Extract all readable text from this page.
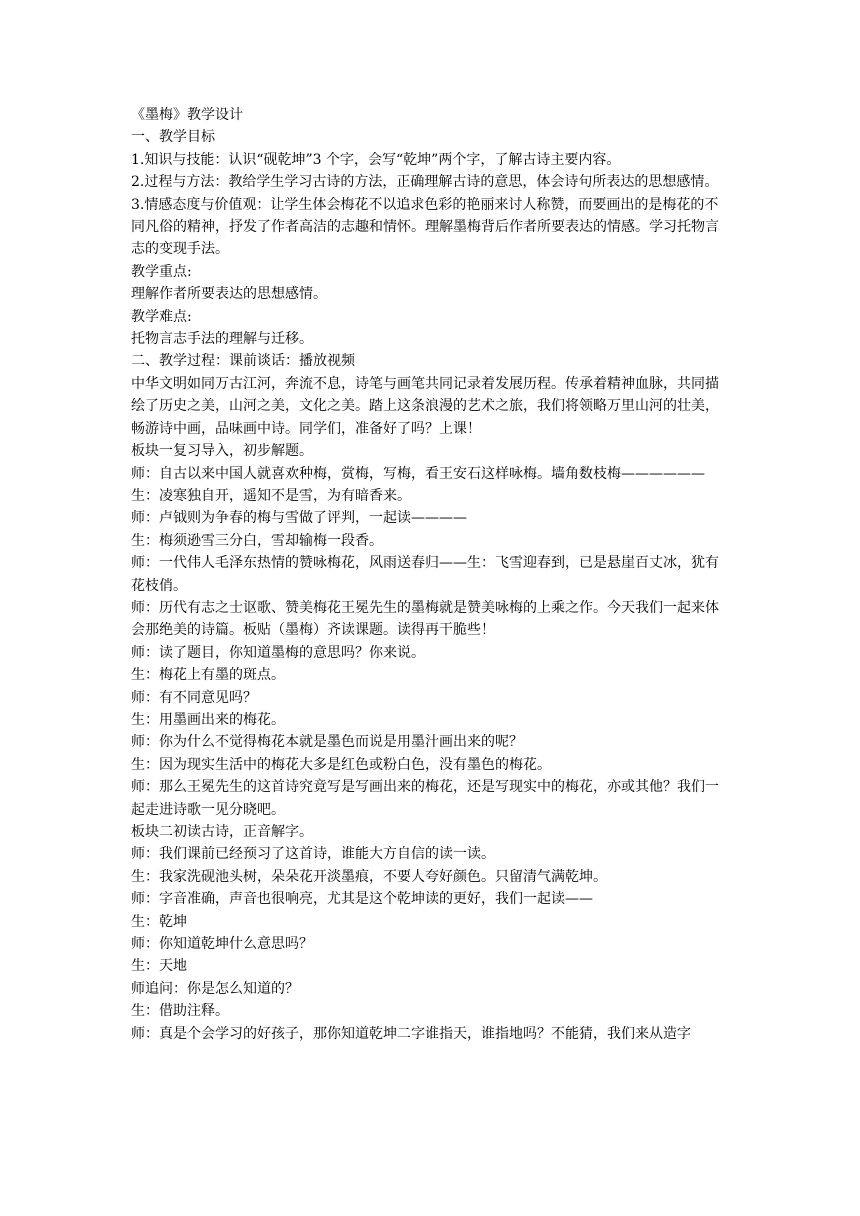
《墨梅》教学设计

一、教学目标

1.知识与技能：认识“砚乾坤”3 个字，会写“乾坤”两个字，了解古诗主要内容。

2.过程与方法：教给学生学习古诗的方法，正确理解古诗的意思，体会诗句所表达的思想感情。

3.情感态度与价值观：让学生体会梅花不以追求色彩的艳丽来讨人称赞，而要画出的是梅花的不同凡俗的精神，抒发了作者高洁的志趣和情怀。理解墨梅背后作者所要表达的情感。学习托物言志的变现手法。

教学重点:

理解作者所要表达的思想感情。

教学难点:

托物言志手法的理解与迁移。

二、教学过程：课前谈话：播放视频

中华文明如同万古江河，奔流不息，诗笔与画笔共同记录着发展历程。传承着精神血脉，共同描绘了历史之美，山河之美，文化之美。踏上这条浪漫的艺术之旅，我们将领略万里山河的壮美，畅游诗中画，品味画中诗。同学们，准备好了吗？上课！

板块一复习导入，初步解题。

师：自古以来中国人就喜欢种梅，赏梅，写梅，看王安石这样咏梅。墙角数枝梅——————

生：凌寒独自开，遥知不是雪，为有暗香来。

师：卢钺则为争春的梅与雪做了评判，一起读————

生：梅须逊雪三分白，雪却输梅一段香。

师：一代伟人毛泽东热情的赞咏梅花，风雨送春归——生：飞雪迎春到，已是悬崖百丈冰，犹有花枝俏。

师：历代有志之士讴歌、赞美梅花王冕先生的墨梅就是赞美咏梅的上乘之作。今天我们一起来体会那绝美的诗篇。板贴（墨梅）齐读课题。读得再干脆些！

师：读了题目，你知道墨梅的意思吗？你来说。

生：梅花上有墨的斑点。

师：有不同意见吗？

生：用墨画出来的梅花。

师：你为什么不觉得梅花本就是墨色而说是用墨汁画出来的呢？

生：因为现实生活中的梅花大多是红色或粉白色，没有墨色的梅花。

师：那么王冕先生的这首诗究竟写是写画出来的梅花，还是写现实中的梅花，亦或其他？我们一起走进诗歌一见分晓吧。

板块二初读古诗，正音解字。

师：我们课前已经预习了这首诗，谁能大方自信的读一读。

生：我家洗砚池头树，朵朵花开淡墨痕，不要人夸好颜色。只留清气满乾坤。

师：字音准确，声音也很响亮，尤其是这个乾坤读的更好，我们一起读——

生：乾坤

师：你知道乾坤什么意思吗？

生：天地

师追问：你是怎么知道的？

生：借助注释。

师：真是个会学习的好孩子，那你知道乾坤二字谁指天，谁指地吗？不能猜，我们来从造字
